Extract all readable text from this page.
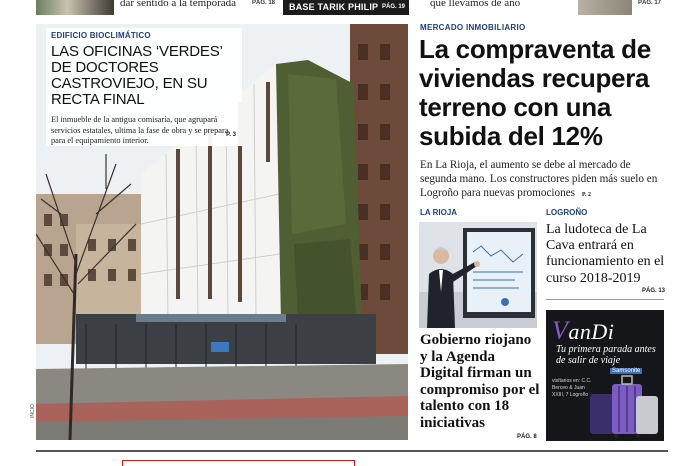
dar sentido a la temporada	PÁG. 18 BASE TARIK PHILIP PÁG. 19 que llevamos de año	PÁG. 17
INCIO
EDIFICIO BIOCLIMÁTICO
LAS OFICINAS ‘VERDES’ DE DOCTORES CASTROVIEJO, EN SU RECTA FINAL
El inmueble de la antigua comisaría, que agrupará servicios estatales, ultima la fase de obra y se prepara para el equipamiento interior.
P. 3
MERCADO INMOBILIARIO
La compraventa de viviendas recupera terreno con una subida del 12%
En La Rioja, el aumento se debe al mercado de segunda mano. Los constructores piden más suelo en Logroño para nuevas promociones P. 2
LA RIOJA
Gobierno riojano y la Agenda Digital firman un compromiso por el talento con 18 iniciativas
PÁG. 8
LOGROÑO
La ludoteca de La Cava entrará en funcionamiento en el curso 2018-2019
PÁG. 13
VanDi
Tu primera parada antes de salir de viaje
Samsonite
visítanos en: C.C. Berceo & Juan XXIII, 7 Logroño
